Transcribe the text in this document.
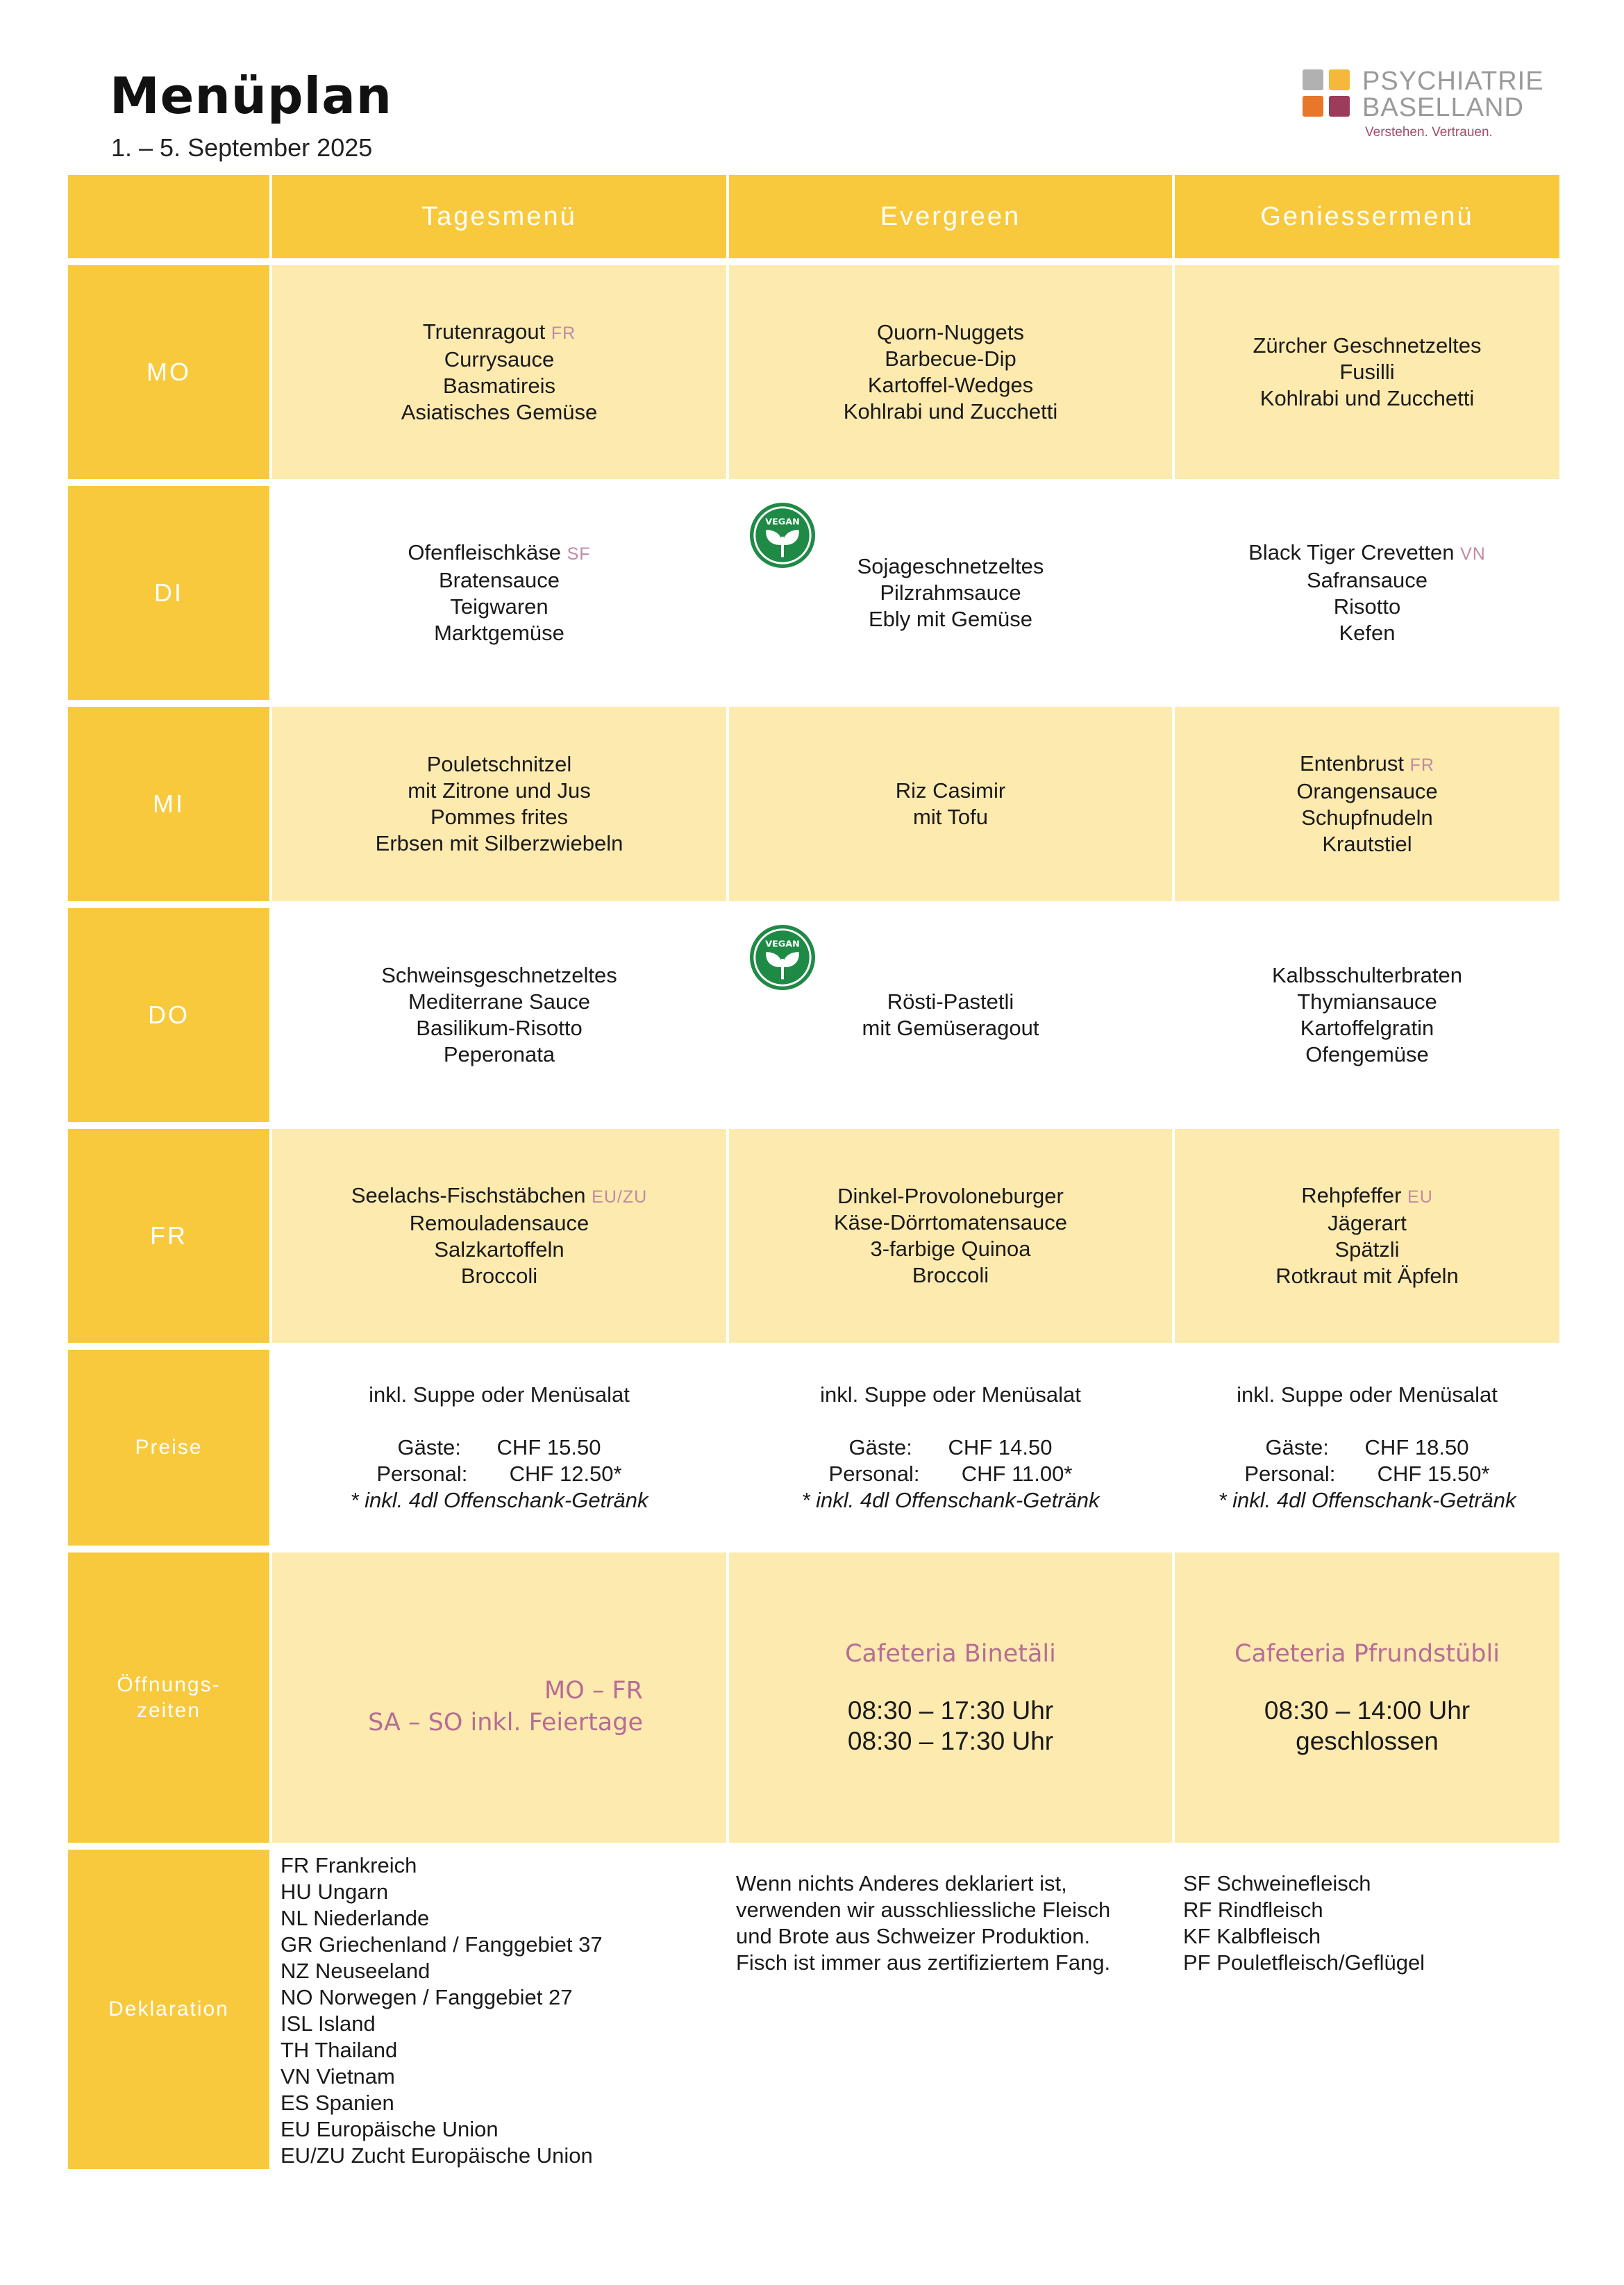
Menüplan
1. – 5. September 2025
PSYCHIATRIE
BASELLAND
Verstehen. Vertrauen.
Tagesmenü	Evergreen	Geniessermenü
MO
Trutenragout FR
Currysauce
Basmatireis
Asiatisches Gemüse
Quorn-Nuggets
Barbecue-Dip
Kartoffel-Wedges
Kohlrabi und Zucchetti
Zürcher Geschnetzeltes
Fusilli
Kohlrabi und Zucchetti
DI
Ofenfleischkäse SF
Bratensauce
Teigwaren
Marktgemüse
Sojageschnetzeltes
Pilzrahmsauce
Ebly mit Gemüse
Black Tiger Crevetten VN
Safransauce
Risotto
Kefen
VEGAN
MI
Pouletschnitzel
mit Zitrone und Jus
Pommes frites
Erbsen mit Silberzwiebeln
Riz Casimir
mit Tofu
Entenbrust FR
Orangensauce
Schupfnudeln
Krautstiel
DO
Schweinsgeschnetzeltes
Mediterrane Sauce
Basilikum-Risotto
Peperonata
Rösti-Pastetli
mit Gemüseragout
Kalbsschulterbraten
Thymiansauce
Kartoffelgratin
Ofengemüse
VEGAN
FR
Seelachs-Fischstäbchen EU/ZU
Remouladensauce
Salzkartoffeln
Broccoli
Dinkel-Provoloneburger
Käse-Dörrtomatensauce
3-farbige Quinoa
Broccoli
Rehpfeffer EU
Jägerart
Spätzli
Rotkraut mit Äpfeln
Preise
inkl. Suppe oder Menüsalat
Gäste: CHF 15.50
Personal: CHF 12.50*
* inkl. 4dl Offenschank-Getränk
inkl. Suppe oder Menüsalat
Gäste: CHF 14.50
Personal: CHF 11.00*
* inkl. 4dl Offenschank-Getränk
inkl. Suppe oder Menüsalat
Gäste: CHF 18.50
Personal: CHF 15.50*
* inkl. 4dl Offenschank-Getränk
Öffnungs-
zeiten
MO – FR
SA – SO inkl. Feiertage
Cafeteria Binetäli
08:30 – 17:30 Uhr
08:30 – 17:30 Uhr
Cafeteria Pfrundstübli
08:30 – 14:00 Uhr
geschlossen
Deklaration
FR Frankreich
HU Ungarn
NL Niederlande
GR Griechenland / Fanggebiet 37
NZ Neuseeland
NO Norwegen / Fanggebiet 27
ISL Island
TH Thailand
VN Vietnam
ES Spanien
EU Europäische Union
EU/ZU Zucht Europäische Union
Wenn nichts Anderes deklariert ist,
verwenden wir ausschliessliche Fleisch
und Brote aus Schweizer Produktion.
Fisch ist immer aus zertifiziertem Fang.
SF Schweinefleisch
RF Rindfleisch
KF Kalbfleisch
PF Pouletfleisch/Geflügel
